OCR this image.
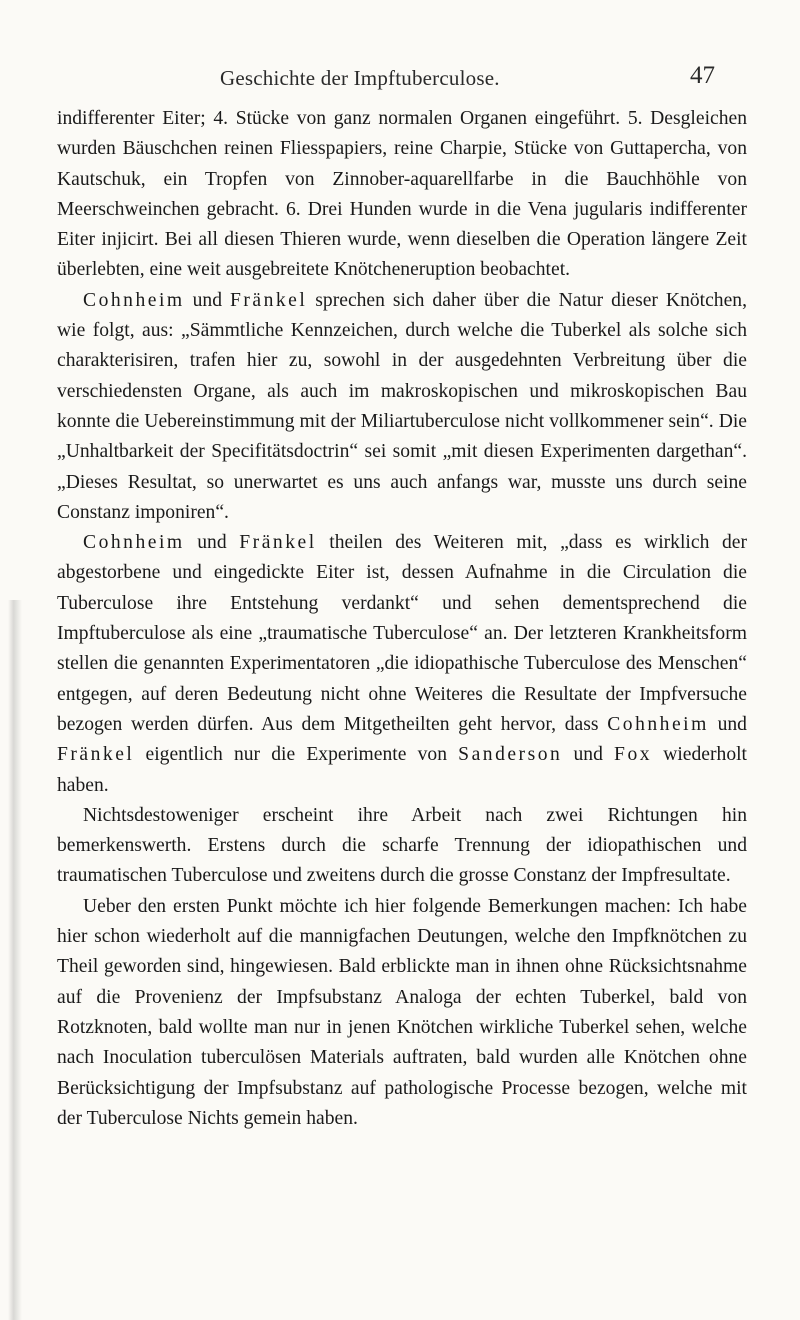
Geschichte der Impftuberculose.	47

indifferenter Eiter; 4. Stücke von ganz normalen Organen eingeführt. 5. Desgleichen wurden Bäuschchen reinen Fliesspapiers, reine Charpie, Stücke von Guttapercha, von Kautschuk, ein Tropfen von Zinnober-aquarellfarbe in die Bauchhöhle von Meerschweinchen gebracht. 6. Drei Hunden wurde in die Vena jugularis indifferenter Eiter injicirt. Bei all diesen Thieren wurde, wenn dieselben die Operation längere Zeit überlebten, eine weit ausgebreitete Knötcheneruption beobachtet.

Cohnheim und Fränkel sprechen sich daher über die Natur dieser Knötchen, wie folgt, aus: „Sämmtliche Kennzeichen, durch welche die Tuberkel als solche sich charakterisiren, trafen hier zu, sowohl in der ausgedehnten Verbreitung über die verschiedensten Organe, als auch im makroskopischen und mikroskopischen Bau konnte die Uebereinstimmung mit der Miliartuberculose nicht vollkommener sein“. Die „Unhaltbarkeit der Specifitätsdoctrin“ sei somit „mit diesen Experimenten dargethan“. „Dieses Resultat, so unerwartet es uns auch anfangs war, musste uns durch seine Constanz imponiren“.

Cohnheim und Fränkel theilen des Weiteren mit, „dass es wirklich der abgestorbene und eingedickte Eiter ist, dessen Aufnahme in die Circulation die Tuberculose ihre Entstehung verdankt“ und sehen dementsprechend die Impftuberculose als eine „traumatische Tuberculose“ an. Der letzteren Krankheitsform stellen die genannten Experimentatoren „die idiopathische Tuberculose des Menschen“ entgegen, auf deren Bedeutung nicht ohne Weiteres die Resultate der Impfversuche bezogen werden dürfen. Aus dem Mitgetheilten geht hervor, dass Cohnheim und Fränkel eigentlich nur die Experimente von Sanderson und Fox wiederholt haben.

Nichtsdestoweniger erscheint ihre Arbeit nach zwei Richtungen hin bemerkenswerth. Erstens durch die scharfe Trennung der idiopathischen und traumatischen Tuberculose und zweitens durch die grosse Constanz der Impfresultate.

Ueber den ersten Punkt möchte ich hier folgende Bemerkungen machen: Ich habe hier schon wiederholt auf die mannigfachen Deutungen, welche den Impfknötchen zu Theil geworden sind, hingewiesen. Bald erblickte man in ihnen ohne Rücksichtsnahme auf die Provenienz der Impfsubstanz Analoga der echten Tuberkel, bald von Rotzknoten, bald wollte man nur in jenen Knötchen wirkliche Tuberkel sehen, welche nach Inoculation tuberculösen Materials auftraten, bald wurden alle Knötchen ohne Berücksichtigung der Impfsubstanz auf pathologische Processe bezogen, welche mit der Tuberculose Nichts gemein haben.
